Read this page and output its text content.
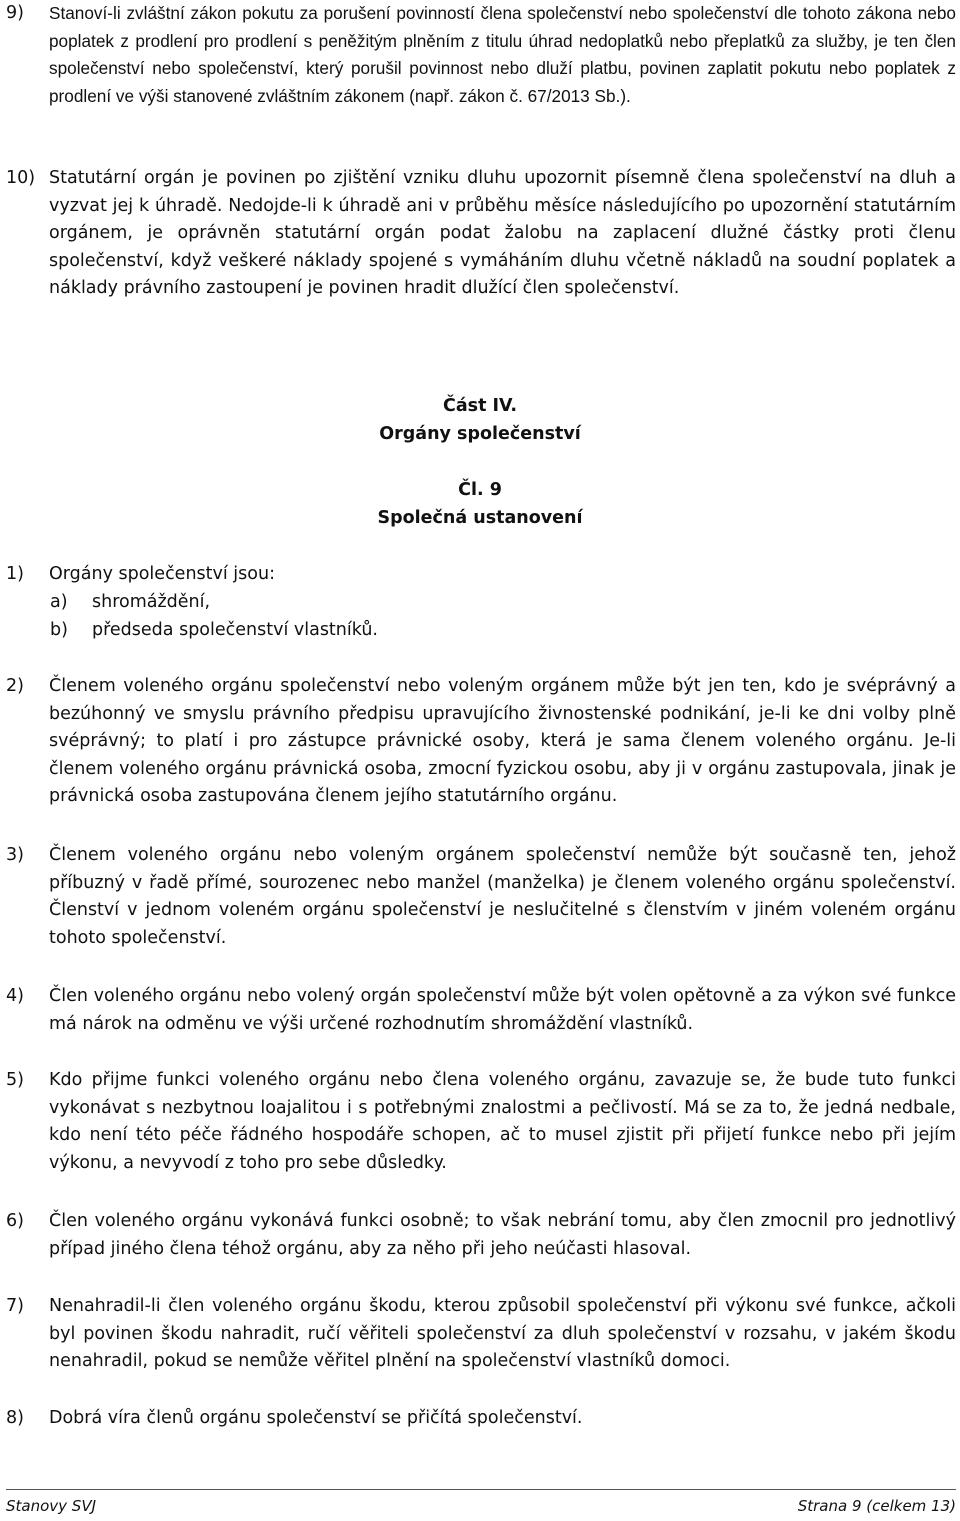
9) Stanoví-li zvláštní zákon pokutu za porušení povinností člena společenství nebo společenství dle tohoto zákona nebo poplatek z prodlení pro prodlení s peněžitým plněním z titulu úhrad nedoplatků nebo přeplatků za služby, je ten člen společenství nebo společenství, který porušil povinnost nebo dluží platbu, povinen zaplatit pokutu nebo poplatek z prodlení ve výši stanovené zvláštním zákonem (např. zákon č. 67/2013 Sb.).
10) Statutární orgán je povinen po zjištění vzniku dluhu upozornit písemně člena společenství na dluh a vyzvat jej k úhradě. Nedojde-li k úhradě ani v průběhu měsíce následujícího po upozornění statutárním orgánem, je oprávněn statutární orgán podat žalobu na zaplacení dlužné částky proti členu společenství, když veškeré náklady spojené s vymáháním dluhu včetně nákladů na soudní poplatek a náklady právního zastoupení je povinen hradit dlužící člen společenství.
Část IV.
Orgány společenství
Čl. 9
Společná ustanovení
1) Orgány společenství jsou:
a) shromáždění,
b) předseda společenství vlastníků.
2) Členem voleného orgánu společenství nebo voleným orgánem může být jen ten, kdo je svéprávný a bezúhonný ve smyslu právního předpisu upravujícího živnostenské podnikání, je-li ke dni volby plně svéprávný; to platí i pro zástupce právnické osoby, která je sama členem voleného orgánu. Je-li členem voleného orgánu právnická osoba, zmocní fyzickou osobu, aby ji v orgánu zastupovala, jinak je právnická osoba zastupována členem jejího statutárního orgánu.
3) Členem voleného orgánu nebo voleným orgánem společenství nemůže být současně ten, jehož příbuzný v řadě přímé, sourozenec nebo manžel (manželka) je členem voleného orgánu společenství. Členství v jednom voleném orgánu společenství je neslučitelné s členstvím v jiném voleném orgánu tohoto společenství.
4) Člen voleného orgánu nebo volený orgán společenství může být volen opětovně a za výkon své funkce má nárok na odměnu ve výši určené rozhodnutím shromáždění vlastníků.
5) Kdo přijme funkci voleného orgánu nebo člena voleného orgánu, zavazuje se, že bude tuto funkci vykonávat s nezbytnou loajalitou i s potřebnými znalostmi a pečlivostí. Má se za to, že jedná nedbale, kdo není této péče řádného hospodáře schopen, ač to musel zjistit při přijetí funkce nebo při jejím výkonu, a nevyvodí z toho pro sebe důsledky.
6) Člen voleného orgánu vykonává funkci osobně; to však nebrání tomu, aby člen zmocnil pro jednotlivý případ jiného člena téhož orgánu, aby za něho při jeho neúčasti hlasoval.
7) Nenahradil-li člen voleného orgánu škodu, kterou způsobil společenství při výkonu své funkce, ačkoli byl povinen škodu nahradit, ručí věřiteli společenství za dluh společenství v rozsahu, v jakém škodu nenahradil, pokud se nemůže věřitel plnění na společenství vlastníků domoci.
8) Dobrá víra členů orgánu společenství se přičítá společenství.
Stanovy SVJ	Strana 9 (celkem 13)
